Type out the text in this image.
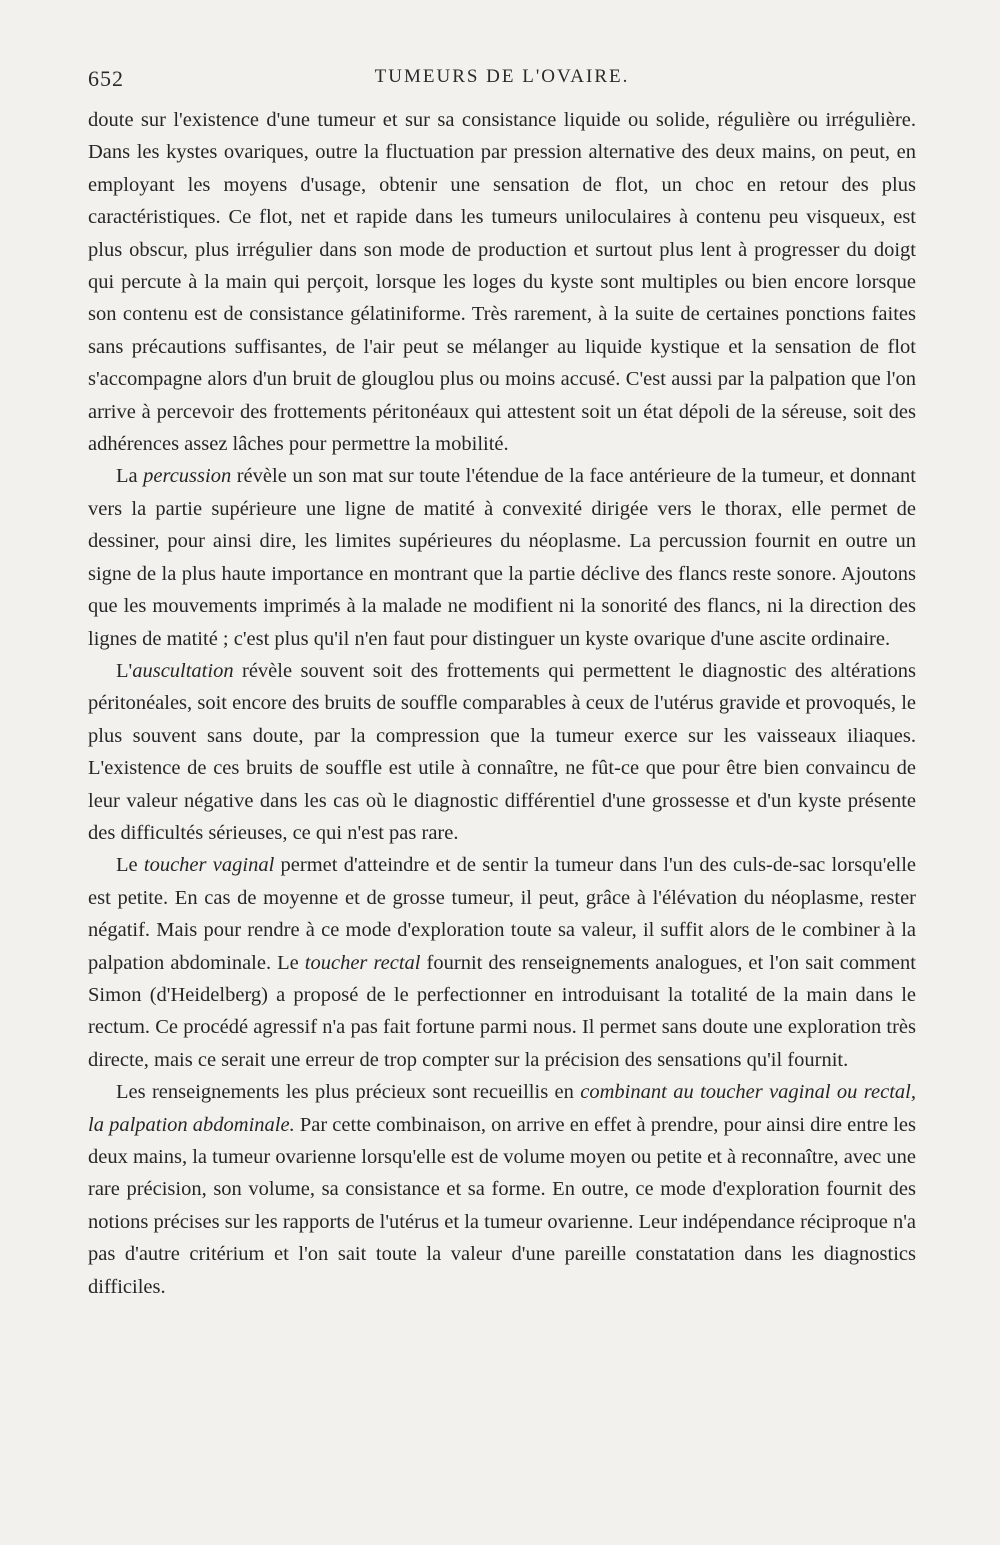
652	TUMEURS DE L'OVAIRE.

doute sur l'existence d'une tumeur et sur sa consistance liquide ou solide, régulière ou irrégulière. Dans les kystes ovariques, outre la fluctuation par pression alternative des deux mains, on peut, en employant les moyens d'usage, obtenir une sensation de flot, un choc en retour des plus caractéristiques. Ce flot, net et rapide dans les tumeurs uniloculaires à contenu peu visqueux, est plus obscur, plus irrégulier dans son mode de production et surtout plus lent à progresser du doigt qui percute à la main qui perçoit, lorsque les loges du kyste sont multiples ou bien encore lorsque son contenu est de consistance gélatiniforme. Très rarement, à la suite de certaines ponctions faites sans précautions suffisantes, de l'air peut se mélanger au liquide kystique et la sensation de flot s'accompagne alors d'un bruit de glouglou plus ou moins accusé. C'est aussi par la palpation que l'on arrive à percevoir des frottements péritonéaux qui attestent soit un état dépoli de la séreuse, soit des adhérences assez lâches pour permettre la mobilité.

La percussion révèle un son mat sur toute l'étendue de la face antérieure de la tumeur, et donnant vers la partie supérieure une ligne de matité à convexité dirigée vers le thorax, elle permet de dessiner, pour ainsi dire, les limites supérieures du néoplasme. La percussion fournit en outre un signe de la plus haute importance en montrant que la partie déclive des flancs reste sonore. Ajoutons que les mouvements imprimés à la malade ne modifient ni la sonorité des flancs, ni la direction des lignes de matité ; c'est plus qu'il n'en faut pour distinguer un kyste ovarique d'une ascite ordinaire.

L'auscultation révèle souvent soit des frottements qui permettent le diagnostic des altérations péritonéales, soit encore des bruits de souffle comparables à ceux de l'utérus gravide et provoqués, le plus souvent sans doute, par la compression que la tumeur exerce sur les vaisseaux iliaques. L'existence de ces bruits de souffle est utile à connaître, ne fût-ce que pour être bien convaincu de leur valeur négative dans les cas où le diagnostic différentiel d'une grossesse et d'un kyste présente des difficultés sérieuses, ce qui n'est pas rare.

Le toucher vaginal permet d'atteindre et de sentir la tumeur dans l'un des culs-de-sac lorsqu'elle est petite. En cas de moyenne et de grosse tumeur, il peut, grâce à l'élévation du néoplasme, rester négatif. Mais pour rendre à ce mode d'exploration toute sa valeur, il suffit alors de le combiner à la palpation abdominale. Le toucher rectal fournit des renseignements analogues, et l'on sait comment Simon (d'Heidelberg) a proposé de le perfectionner en introduisant la totalité de la main dans le rectum. Ce procédé agressif n'a pas fait fortune parmi nous. Il permet sans doute une exploration très directe, mais ce serait une erreur de trop compter sur la précision des sensations qu'il fournit.

Les renseignements les plus précieux sont recueillis en combinant au toucher vaginal ou rectal, la palpation abdominale. Par cette combinaison, on arrive en effet à prendre, pour ainsi dire entre les deux mains, la tumeur ovarienne lorsqu'elle est de volume moyen ou petite et à reconnaître, avec une rare précision, son volume, sa consistance et sa forme. En outre, ce mode d'exploration fournit des notions précises sur les rapports de l'utérus et la tumeur ovarienne. Leur indépendance réciproque n'a pas d'autre critérium et l'on sait toute la valeur d'une pareille constatation dans les diagnostics difficiles.
